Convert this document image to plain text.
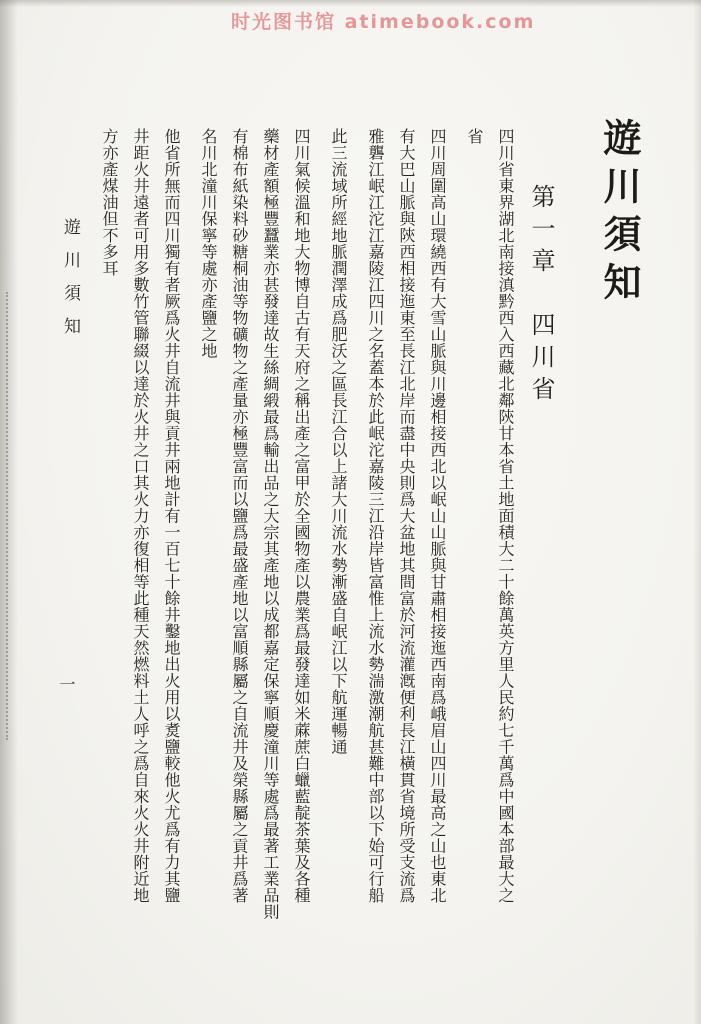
时光图书馆 atimebook.com
遊川須知
第一章　四川省
四川省東界湖北南接滇黔西入西藏北鄰陝甘本省土地面積大二十餘萬英方里人民約七千萬爲中國本部最大之
省
四川周圍高山環繞西有大雪山脈與川邊相接西北以岷山山脈與甘肅相接迤西南爲峨眉山四川最高之山也東北
有大巴山脈與陝西相接迤東至長江北岸而盡中央則爲大盆地其間富於河流灌漑便利長江橫貫省境所受支流爲
雅礱江岷江沱江嘉陵江四川之名蓋本於此岷沱嘉陵三江沿岸皆富惟上流水勢湍激潮航甚難中部以下始可行船
此三流域所經地脈潤澤成爲肥沃之區長江合以上諸大川流水勢漸盛自岷江以下航運暢通
四川氣候溫和地大物博自古有天府之稱出產之富甲於全國物產以農業爲最發達如米蔴蔗白蠟藍靛茶葉及各種
藥材產額極豐蠶業亦甚發達故生絲綢緞最爲輸出品之大宗其產地以成都嘉定保寧順慶潼川等處爲最著工業品則
有棉布紙染料砂糖桐油等物礦物之產量亦極豐富而以鹽爲最盛產地以富順縣屬之自流井及榮縣屬之貢井爲著
名川北潼川保寧等處亦產鹽之地
他省所無而四川獨有者厥爲火井自流井與貢井兩地計有一百七十餘井鑿地出火用以煑鹽較他火尤爲有力其鹽
井距火井遠者可用多數竹管聯綴以達於火井之口其火力亦復相等此種天然燃料土人呼之爲自來火火井附近地
方亦產煤油但不多耳
遊川須知
一
